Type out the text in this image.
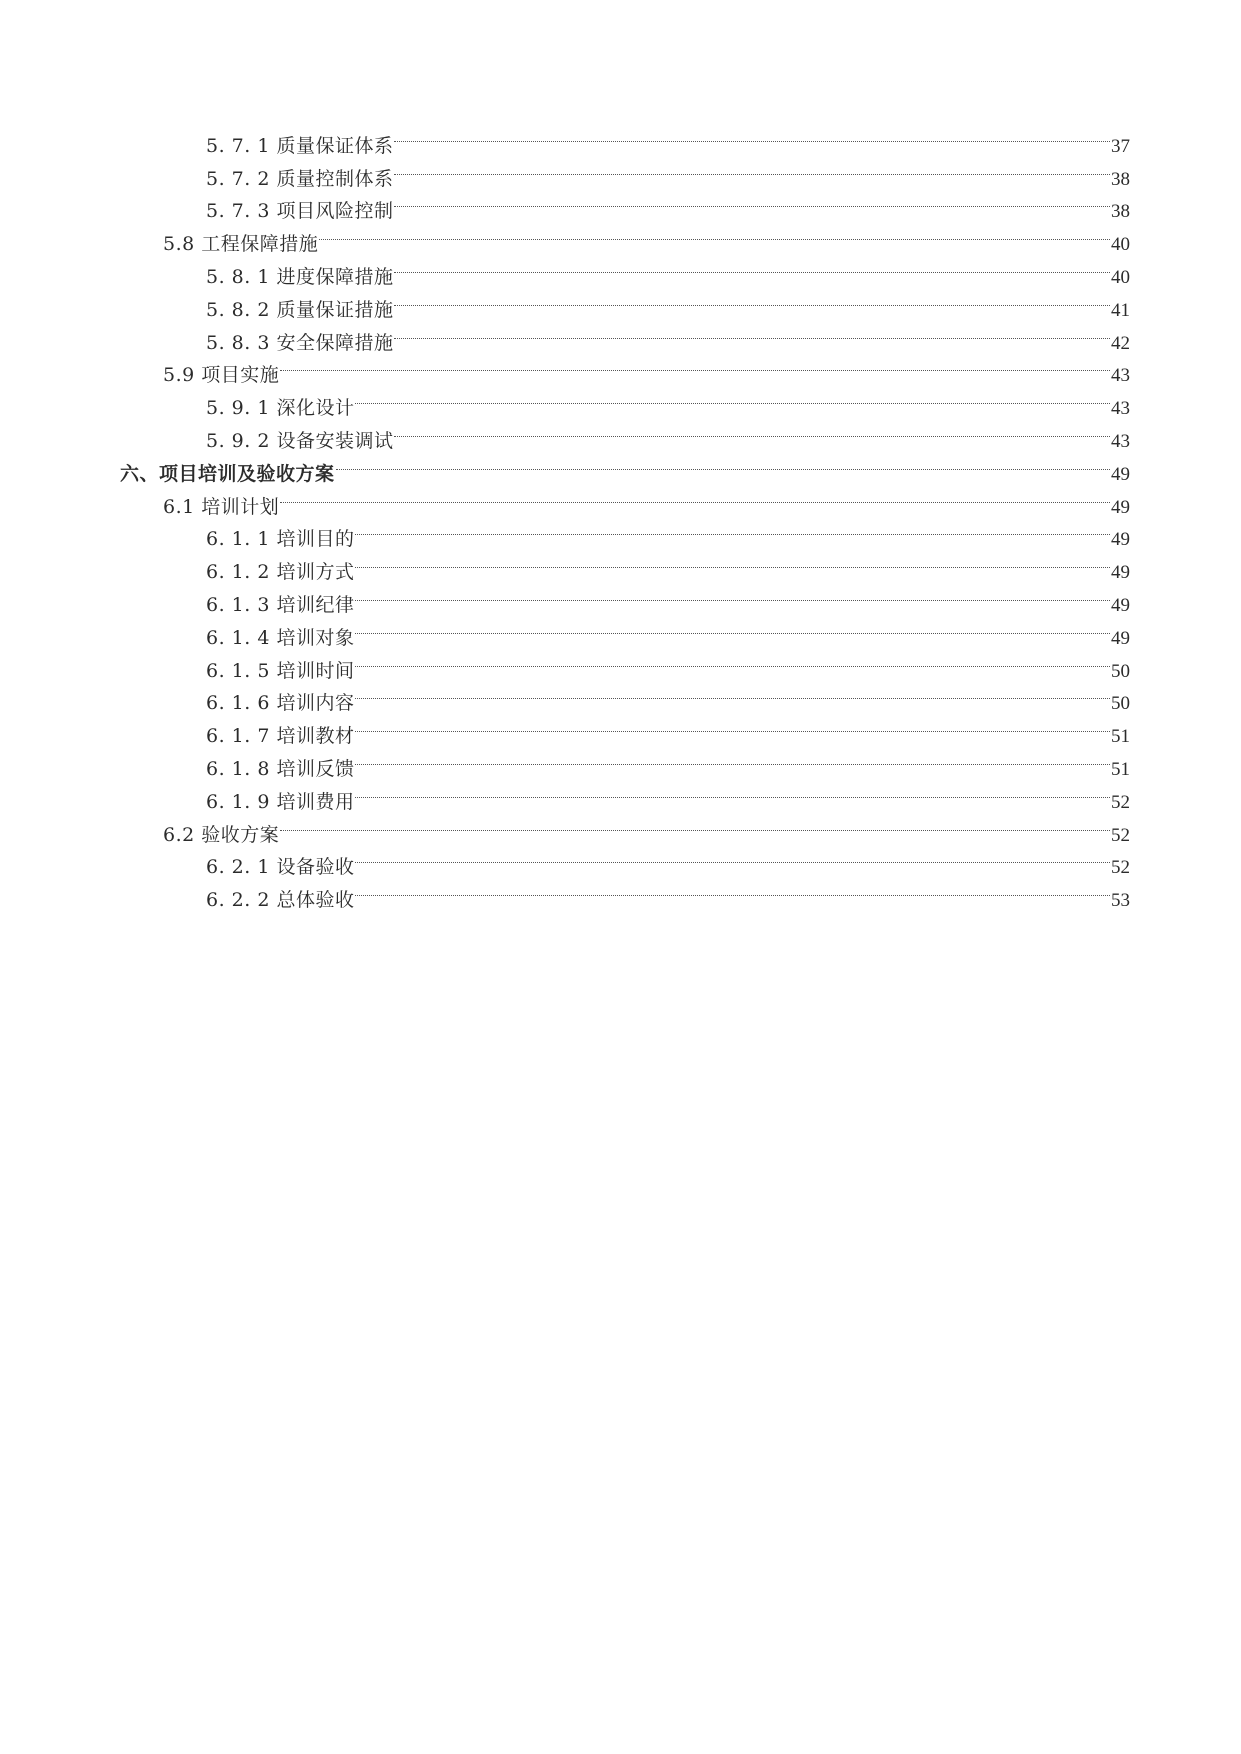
5. 7. 1 质量保证体系	37
5. 7. 2 质量控制体系	38
5. 7. 3 项目风险控制	38
5.8 工程保障措施	40
5. 8. 1 进度保障措施	40
5. 8. 2 质量保证措施	41
5. 8. 3 安全保障措施	42
5.9 项目实施	43
5. 9. 1 深化设计	43
5. 9. 2 设备安装调试	43
六、项目培训及验收方案	49
6.1 培训计划	49
6. 1. 1 培训目的	49
6. 1. 2 培训方式	49
6. 1. 3 培训纪律	49
6. 1. 4 培训对象	49
6. 1. 5 培训时间	50
6. 1. 6 培训内容	50
6. 1. 7 培训教材	51
6. 1. 8 培训反馈	51
6. 1. 9 培训费用	52
6.2 验收方案	52
6. 2. 1 设备验收	52
6. 2. 2 总体验收	53
